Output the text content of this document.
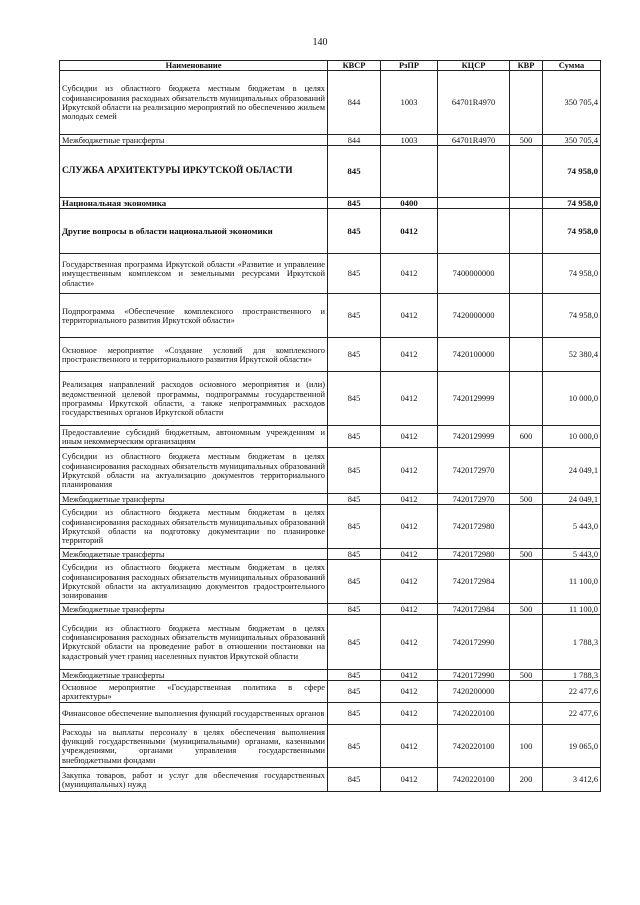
140
Наименование	КВСР	РзПР	КЦСР	КВР	Сумма
Субсидии из областного бюджета местным бюджетам в целях софинансирования расходных обязательств муниципальных образований Иркутской области на реализацию мероприятий по обеспечению жильем молодых семей	844	1003	64701R4970		350 705,4
Межбюджетные трансферты	844	1003	64701R4970	500	350 705,4
СЛУЖБА АРХИТЕКТУРЫ ИРКУТСКОЙ ОБЛАСТИ	845				74 958,0
Национальная экономика	845	0400			74 958,0
Другие вопросы в области национальной экономики	845	0412			74 958,0
Государственная программа Иркутской области «Развитие и управление имущественным комплексом и земельными ресурсами Иркутской области»	845	0412	7400000000		74 958,0
Подпрограмма «Обеспечение комплексного пространственного и территориального развития Иркутской области»	845	0412	7420000000		74 958,0
Основное мероприятие «Создание условий для комплексного пространственного и территориального развития Иркутской области»	845	0412	7420100000		52 380,4
Реализация направлений расходов основного мероприятия и (или) ведомственной целевой программы, подпрограммы государственной программы Иркутской области, а также непрограммных расходов государственных органов Иркутской области	845	0412	7420129999		10 000,0
Предоставление субсидий бюджетным, автономным учреждениям и иным некоммерческим организациям	845	0412	7420129999	600	10 000,0
Субсидии из областного бюджета местным бюджетам в целях софинансирования расходных обязательств муниципальных образований Иркутской области на актуализацию документов территориального планирования	845	0412	7420172970		24 049,1
Межбюджетные трансферты	845	0412	7420172970	500	24 049,1
Субсидии из областного бюджета местным бюджетам в целях софинансирования расходных обязательств муниципальных образований Иркутской области на подготовку документации по планировке территорий	845	0412	7420172980		5 443,0
Межбюджетные трансферты	845	0412	7420172980	500	5 443,0
Субсидии из областного бюджета местным бюджетам в целях софинансирования расходных обязательств муниципальных образований Иркутской области на актуализацию документов градостроительного зонирования	845	0412	7420172984		11 100,0
Межбюджетные трансферты	845	0412	7420172984	500	11 100,0
Субсидии из областного бюджета местным бюджетам в целях софинансирования расходных обязательств муниципальных образований Иркутской области на проведение работ в отношении постановки на кадастровый учет границ населенных пунктов Иркутской области	845	0412	7420172990		1 788,3
Межбюджетные трансферты	845	0412	7420172990	500	1 788,3
Основное мероприятие «Государственная политика в сфере архитектуры»	845	0412	7420200000		22 477,6
Финансовое обеспечение выполнения функций государственных органов	845	0412	7420220100		22 477,6
Расходы на выплаты персоналу в целях обеспечения выполнения функций государственными (муниципальными) органами, казенными учреждениями, органами управления государственными внебюджетными фондами	845	0412	7420220100	100	19 065,0
Закупка товаров, работ и услуг для обеспечения государственных (муниципальных) нужд	845	0412	7420220100	200	3 412,6
